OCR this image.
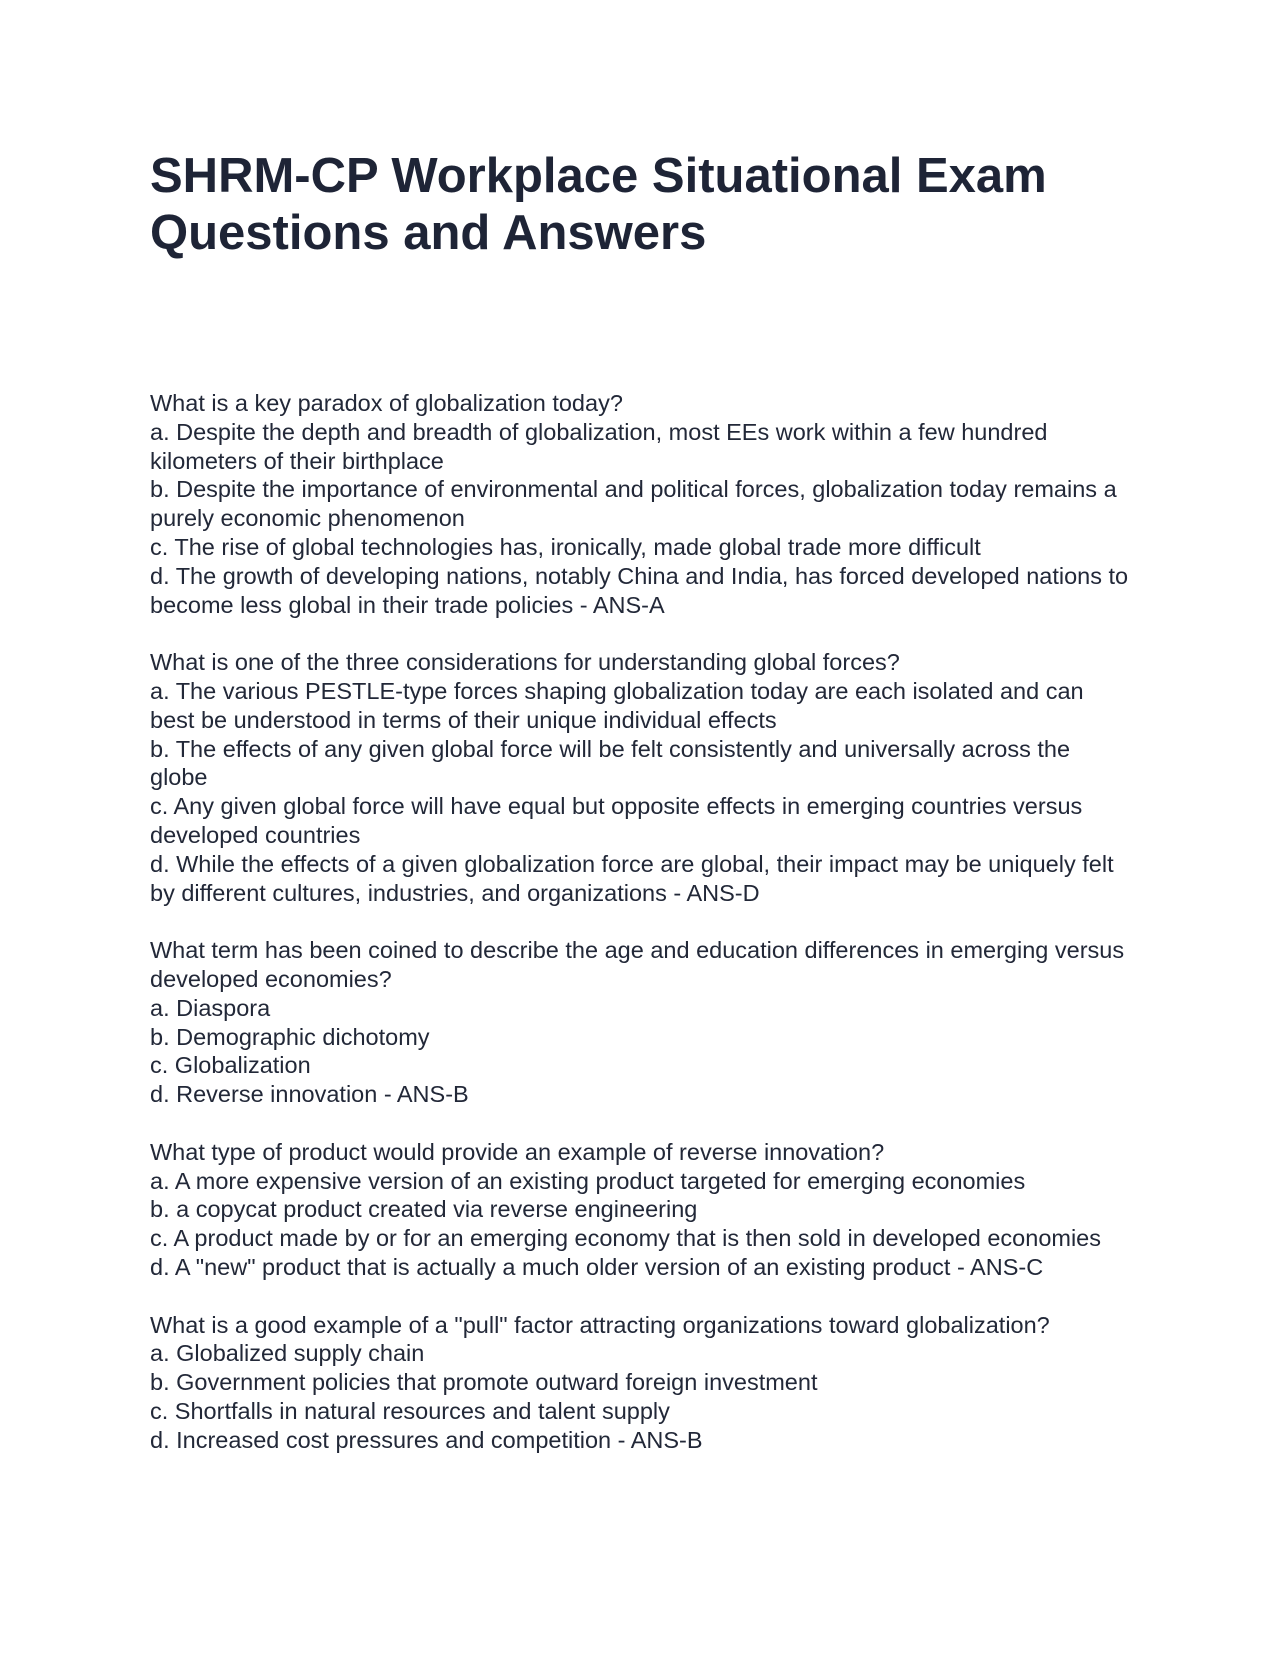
SHRM-CP Workplace Situational Exam Questions and Answers
What is a key paradox of globalization today?
a. Despite the depth and breadth of globalization, most EEs work within a few hundred kilometers of their birthplace
b. Despite the importance of environmental and political forces, globalization today remains a purely economic phenomenon
c. The rise of global technologies has, ironically, made global trade more difficult
d. The growth of developing nations, notably China and India, has forced developed nations to become less global in their trade policies - ANS-A
What is one of the three considerations for understanding global forces?
a. The various PESTLE-type forces shaping globalization today are each isolated and can best be understood in terms of their unique individual effects
b. The effects of any given global force will be felt consistently and universally across the globe
c. Any given global force will have equal but opposite effects in emerging countries versus developed countries
d. While the effects of a given globalization force are global, their impact may be uniquely felt by different cultures, industries, and organizations - ANS-D
What term has been coined to describe the age and education differences in emerging versus developed economies?
a. Diaspora
b. Demographic dichotomy
c. Globalization
d. Reverse innovation - ANS-B
What type of product would provide an example of reverse innovation?
a. A more expensive version of an existing product targeted for emerging economies
b. a copycat product created via reverse engineering
c. A product made by or for an emerging economy that is then sold in developed economies
d. A "new" product that is actually a much older version of an existing product - ANS-C
What is a good example of a "pull" factor attracting organizations toward globalization?
a. Globalized supply chain
b. Government policies that promote outward foreign investment
c. Shortfalls in natural resources and talent supply
d. Increased cost pressures and competition - ANS-B
